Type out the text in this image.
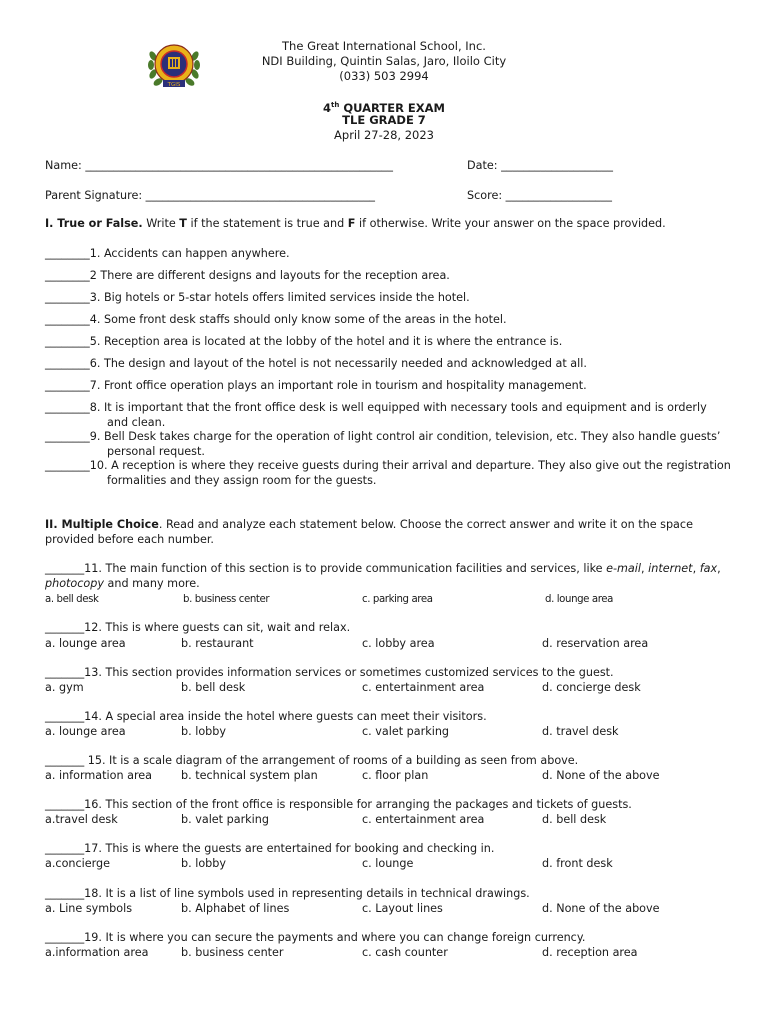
TGIS
The Great International School, Inc.
NDI Building, Quintin Salas, Jaro, Iloilo City
(033) 503 2994
4th QUARTER EXAM
TLE GRADE 7
April 27-28, 2023
Name: _______________________________________________________	Date: ____________________
Parent Signature: _________________________________________	Score: ___________________
I. True or False. Write T if the statement is true and F if otherwise. Write your answer on the space provided.
________1. Accidents can happen anywhere.
________2 There are different designs and layouts for the reception area.
________3. Big hotels or 5-star hotels offers limited services inside the hotel.
________4. Some front desk staffs should only know some of the areas in the hotel.
________5. Reception area is located at the lobby of the hotel and it is where the entrance is.
________6. The design and layout of the hotel is not necessarily needed and acknowledged at all.
________7. Front office operation plays an important role in tourism and hospitality management.
________8. It is important that the front office desk is well equipped with necessary tools and equipment and is orderly
and clean.
________9. Bell Desk takes charge for the operation of light control air condition, television, etc. They also handle guests’
personal request.
________10. A reception is where they receive guests during their arrival and departure. They also give out the registration
formalities and they assign room for the guests.
II. Multiple Choice. Read and analyze each statement below. Choose the correct answer and write it on the space
provided before each number.
_______11. The main function of this section is to provide communication facilities and services, like e-mail, internet, fax,
photocopy and many more.
a. bell desk	b. business center	c. parking area	d. lounge area
_______12. This is where guests can sit, wait and relax.
a. lounge area	b. restaurant	c. lobby area	d. reservation area
_______13. This section provides information services or sometimes customized services to the guest.
a. gym	b. bell desk	c. entertainment area	d. concierge desk
_______14. A special area inside the hotel where guests can meet their visitors.
a. lounge area	b. lobby	c. valet parking	d. travel desk
_______ 15. It is a scale diagram of the arrangement of rooms of a building as seen from above.
a. information area	b. technical system plan	c. floor plan	d. None of the above
_______16. This section of the front office is responsible for arranging the packages and tickets of guests.
a.travel desk	b. valet parking	c. entertainment area	d. bell desk
_______17. This is where the guests are entertained for booking and checking in.
a.concierge	b. lobby	c. lounge	d. front desk
_______18. It is a list of line symbols used in representing details in technical drawings.
a. Line symbols	b. Alphabet of lines	c. Layout lines	d. None of the above
_______19. It is where you can secure the payments and where you can change foreign currency.
a.information area	b. business center	c. cash counter	d. reception area
